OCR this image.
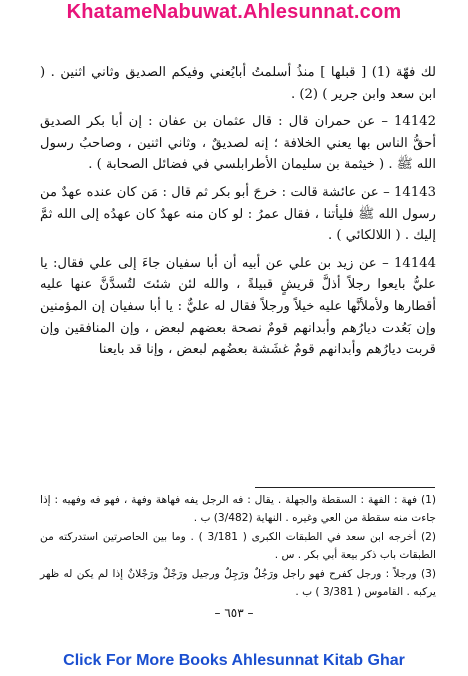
KhatameNabuwat.Ahlesunnat.com

لك فهّة (1) [ قبلها ] منذُ أسلمتُ أبايُعني وفيكم الصديق وثاني اثنين . ( ابن سعد وابن جرير ) (2) .

14142 – عن حمران قال : قال عثمان بن عفان : إن أبا بكر الصديق أحقُّ الناس بها يعني الخلافة ؛ إنه لصديقٌ ، وثاني اثنين ، وصاحبُ رسول الله ﷺ . ( خيثمة بن سليمان الأطرابلسي في فضائل الصحابة ) .

14143 – عن عائشة قالت : خرجَ أبو بكر ثم قال : مَن كان عنده عهدٌ من رسول الله ﷺ فليأتنا ، فقال عمرُ : لو كان منه عهدٌ كان عهدُه إلى الله ثمَّ إليك . ( اللالكائي ) .

14144 – عن زيد بن علي عن أبيه أن أبا سفيان جاءَ إلى علي فقال: يا عليُّ بايعوا رجلاً أذلَّ قريشٍ قبيلةً ، والله لئن شئتَ لتُسدَّنَّ عنها عليه أقطارها ولأملأنَّها عليه خيلاً ورجلاً فقال له عليٌّ : يا أبا سفيان إن المؤمنين وإن بَعُدت ديارُهم وأبدانهم قومٌ نصحة بعضهم لبعض ، وإن المنافقين وإن قربت ديارُهم وأبدانهم قومٌ غشَشة بعضُهم لبعض ، وإنا قد بايعنا

(1) فهة : الفهة : السقطة والجهلة . يقال : فه الرجل يفه فهاهة وفهة ، فهو فه وفهيه : إذا جاءت منه سقطة من العي وغيره . النهاية (3/482) ب .

(2) أخرجه ابن سعد في الطبقات الكبرى ( 3/181 ) . وما بين الحاصرتين استدركته من الطبقات باب ذكر بيعة أبي بكر . س .

(3) ورجلاً : ورجل كفرح فهو راجل ورَجُلٌ ورَجِلٌ ورجيل ورَجْلٌ ورَجْلانٌ إذا لم يكن له ظهر يركبه . القاموس ( 3/381 ) ب .

– ٦٥٣ –
Click For More Books Ahlesunnat Kitab Ghar
